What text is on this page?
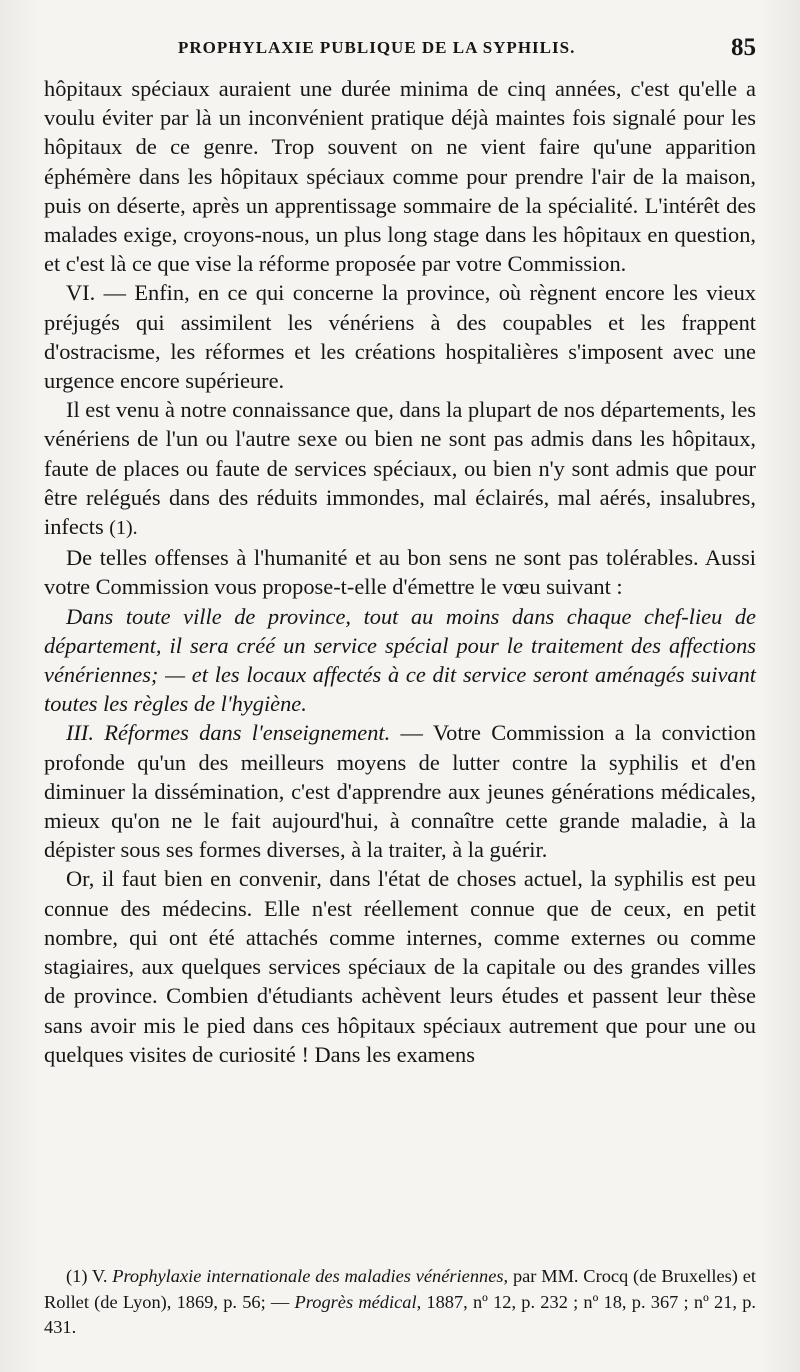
PROPHYLAXIE PUBLIQUE DE LA SYPHILIS.	85

hôpitaux spéciaux auraient une durée minima de cinq années, c'est qu'elle a voulu éviter par là un inconvénient pratique déjà maintes fois signalé pour les hôpitaux de ce genre. Trop souvent on ne vient faire qu'une apparition éphémère dans les hôpitaux spéciaux comme pour prendre l'air de la maison, puis on déserte, après un apprentissage sommaire de la spécialité. L'intérêt des malades exige, croyons-nous, un plus long stage dans les hôpitaux en question, et c'est là ce que vise la réforme proposée par votre Commission.

VI. — Enfin, en ce qui concerne la province, où règnent encore les vieux préjugés qui assimilent les vénériens à des coupables et les frappent d'ostracisme, les réformes et les créations hospitalières s'imposent avec une urgence encore supérieure.

Il est venu à notre connaissance que, dans la plupart de nos départements, les vénériens de l'un ou l'autre sexe ou bien ne sont pas admis dans les hôpitaux, faute de places ou faute de services spéciaux, ou bien n'y sont admis que pour être relégués dans des réduits immondes, mal éclairés, mal aérés, insalubres, infects (1).

De telles offenses à l'humanité et au bon sens ne sont pas tolérables. Aussi votre Commission vous propose-t-elle d'émettre le vœu suivant :

Dans toute ville de province, tout au moins dans chaque chef-lieu de département, il sera créé un service spécial pour le traitement des affections vénériennes; — et les locaux affectés à ce dit service seront aménagés suivant toutes les règles de l'hygiène.

III. Réformes dans l'enseignement. — Votre Commission a la conviction profonde qu'un des meilleurs moyens de lutter contre la syphilis et d'en diminuer la dissémination, c'est d'apprendre aux jeunes générations médicales, mieux qu'on ne le fait aujourd'hui, à connaître cette grande maladie, à la dépister sous ses formes diverses, à la traiter, à la guérir.

Or, il faut bien en convenir, dans l'état de choses actuel, la syphilis est peu connue des médecins. Elle n'est réellement connue que de ceux, en petit nombre, qui ont été attachés comme internes, comme externes ou comme stagiaires, aux quelques services spéciaux de la capitale ou des grandes villes de province. Combien d'étudiants achèvent leurs études et passent leur thèse sans avoir mis le pied dans ces hôpitaux spéciaux autrement que pour une ou quelques visites de curiosité ! Dans les examens

(1) V. Prophylaxie internationale des maladies vénériennes, par MM. Crocq (de Bruxelles) et Rollet (de Lyon), 1869, p. 56; — Progrès médical, 1887, nº 12, p. 232 ; nº 18, p. 367 ; nº 21, p. 431.
